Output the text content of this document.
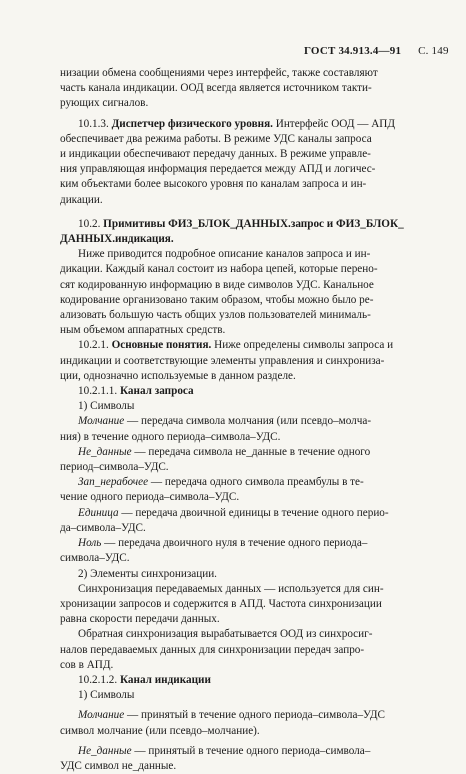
ГОСТ 34.913.4—91 С. 149

низации обмена сообщениями через интерфейс, также составляют

часть канала индикации. ООД всегда является источником такти-

рующих сигналов.

10.1.3. Диспетчер физического уровня. Интерфейс ООД — АПД

обеспечивает два режима работы. В режиме УДС каналы запроса

и индикации обеспечивают передачу данных. В режиме управле-

ния управляющая информация передается между АПД и логичес-

ким объектами более высокого уровня по каналам запроса и ин-

дикации.

10.2. Примитивы ФИЗ_БЛОК_ДАННЫХ.запрос и ФИЗ_БЛОК_

ДАННЫХ.индикация.

Ниже приводится подробное описание каналов запроса и ин-

дикации. Каждый канал состоит из набора цепей, которые перено-

сят кодированную информацию в виде символов УДС. Канальное

кодирование организовано таким образом, чтобы можно было ре-

ализовать большую часть общих узлов пользователей минималь-

ным объемом аппаратных средств.

10.2.1. Основные понятия. Ниже определены символы запроса и

индикации и соответствующие элементы управления и синхрониза-

ции, однозначно используемые в данном разделе.

10.2.1.1. Канал запроса

1) Символы

Молчание — передача символа молчания (или псевдо–молча-

ния) в течение одного периода–символа–УДС.

Не_данные — передача символа не_данные в течение одного

период–символа–УДС.

Зап_нерабочее — передача одного символа преамбулы в те-

чение одного периода–символа–УДС.

Единица — передача двоичной единицы в течение одного перио-

да–символа–УДС.

Ноль — передача двоичного нуля в течение одного периода–

символа–УДС.

2) Элементы синхронизации.

Синхронизация передаваемых данных — используется для син-

хронизации запросов и содержится в АПД. Частота синхронизации

равна скорости передачи данных.

Обратная синхронизация вырабатывается ООД из синхросиг-

налов передаваемых данных для синхронизации передач запро-

сов в АПД.

10.2.1.2. Канал индикации

1) Символы

Молчание — принятый в течение одного периода–символа–УДС

символ молчание (или псевдо–молчание).

Не_данные — принятый в течение одного периода–символа–

УДС символ не_данные.
